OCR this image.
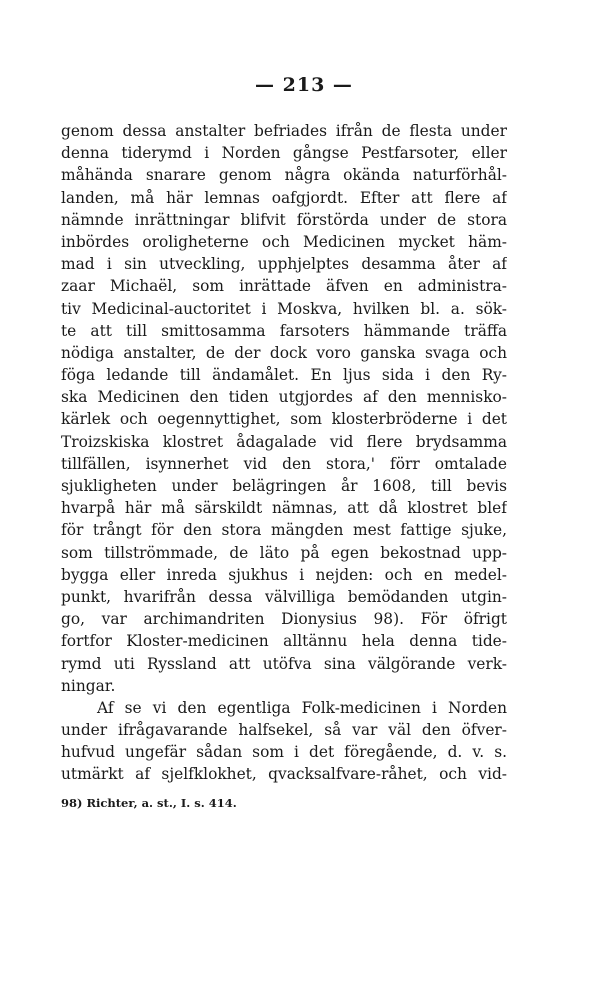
— 213 —
genom dessa anstalter befriades ifrån de flesta under
denna tiderymd i Norden gångse Pestfarsoter, eller
måhända snarare genom några okända naturförhål-
landen, må här lemnas oafgjordt. Efter att flere af
nämnde inrättningar blifvit förstörda under de stora
inbördes oroligheterne och Medicinen mycket häm-
mad i sin utveckling, upphjelptes desamma åter af
zaar Michaël, som inrättade äfven en administra-
tiv Medicinal-auctoritet i Moskva, hvilken bl. a. sök-
te att till smittosamma farsoters hämmande träffa
nödiga anstalter, de der dock voro ganska svaga och
föga ledande till ändamålet. En ljus sida i den Ry-
ska Medicinen den tiden utgjordes af den mennisko-
kärlek och oegennyttighet, som klosterbröderne i det
Troizskiska klostret ådagalade vid flere brydsamma
tillfällen, isynnerhet vid den stora,' förr omtalade
sjukligheten under belägringen år 1608, till bevis
hvarpå här må särskildt nämnas, att då klostret blef
för trångt för den stora mängden mest fattige sjuke,
som tillströmmade, de läto på egen bekostnad upp-
bygga eller inreda sjukhus i nejden: och en medel-
punkt, hvarifrån dessa välvilliga bemödanden utgin-
go, var archimandriten Dionysius 98). För öfrigt
fortfor Kloster-medicinen alltännu hela denna tide-
rymd uti Ryssland att utöfva sina välgörande verk-
ningar.
Af se vi den egentliga Folk-medicinen i Norden
under ifrågavarande halfsekel, så var väl den öfver-
hufvud ungefär sådan som i det föregående, d. v. s.
utmärkt af sjelfklokhet, qvacksalfvare-råhet, och vid-
98) Richter, a. st., I. s. 414.
